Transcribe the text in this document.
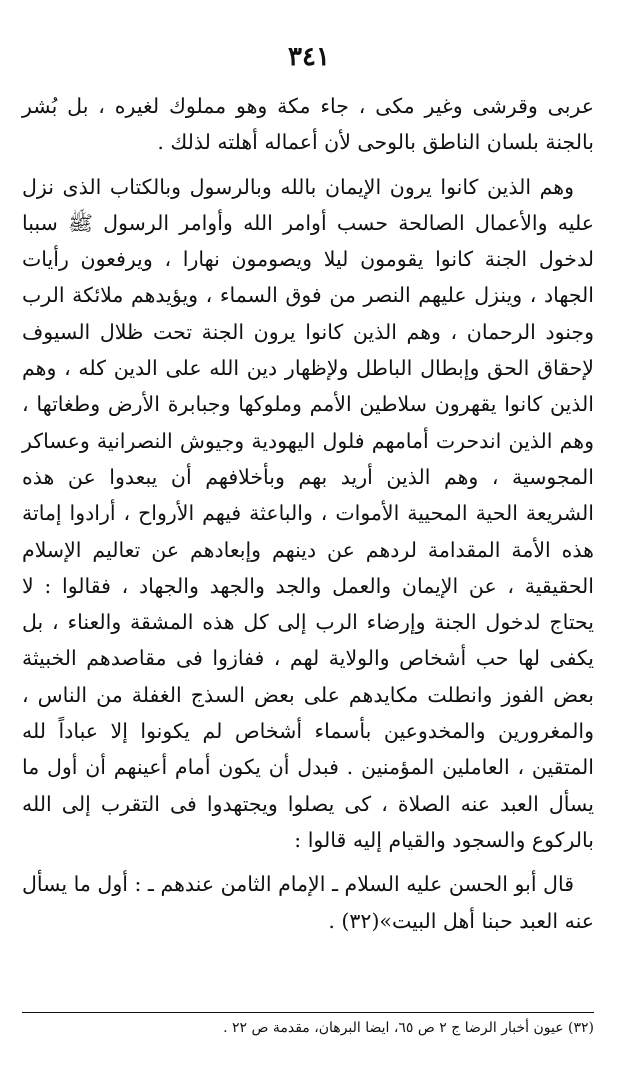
٣٤١

عربى وقرشى وغير مكى ، جاء مكة وهو مملوك لغيره ، بل بُشر بالجنة بلسان الناطق بالوحى لأن أعماله أهلته لذلك .

وهم الذين كانوا يرون الإيمان بالله وبالرسول وبالكتاب الذى نزل عليه والأعمال الصالحة حسب أوامر الله وأوامر الرسول ﷺ سببا لدخول الجنة كانوا يقومون ليلا ويصومون نهارا ، ويرفعون رأيات الجهاد ، وينزل عليهم النصر من فوق السماء ، ويؤيدهم ملائكة الرب وجنود الرحمان ، وهم الذين كانوا يرون الجنة تحت ظلال السيوف لإحقاق الحق وإبطال الباطل ولإظهار دين الله على الدين كله ، وهم الذين كانوا يقهرون سلاطين الأمم وملوكها وجبابرة الأرض وطغاتها ، وهم الذين اندحرت أمامهم فلول اليهودية وجيوش النصرانية وعساكر المجوسية ، وهم الذين أريد بهم وبأخلافهم أن يبعدوا عن هذه الشريعة الحية المحيية الأموات ، والباعثة فيهم الأرواح ، أرادوا إماتة هذه الأمة المقدامة لردهم عن دينهم وإبعادهم عن تعاليم الإسلام الحقيقية ، عن الإيمان والعمل والجد والجهد والجهاد ، فقالوا : لا يحتاج لدخول الجنة وإرضاء الرب إلى كل هذه المشقة والعناء ، بل يكفى لها حب أشخاص والولاية لهم ، ففازوا فى مقاصدهم الخبيثة بعض الفوز وانطلت مكايدهم على بعض السذج الغفلة من الناس ، والمغرورين والمخدوعين بأسماء أشخاص لم يكونوا إلا عباداً لله المتقين ، العاملين المؤمنين . فبدل أن يكون أمام أعينهم أن أول ما يسأل العبد عنه الصلاة ، كى يصلوا ويجتهدوا فى التقرب إلى الله بالركوع والسجود والقيام إليه قالوا :

قال أبو الحسن عليه السلام ـ الإمام الثامن عندهم ـ : أول ما يسأل عنه العبد حبنا أهل البيت»(٣٢) .

(٣٢) عيون أخبار الرضا ج ٢ ص ٦٥، ايضا البرهان، مقدمة ص ٢٢ .
